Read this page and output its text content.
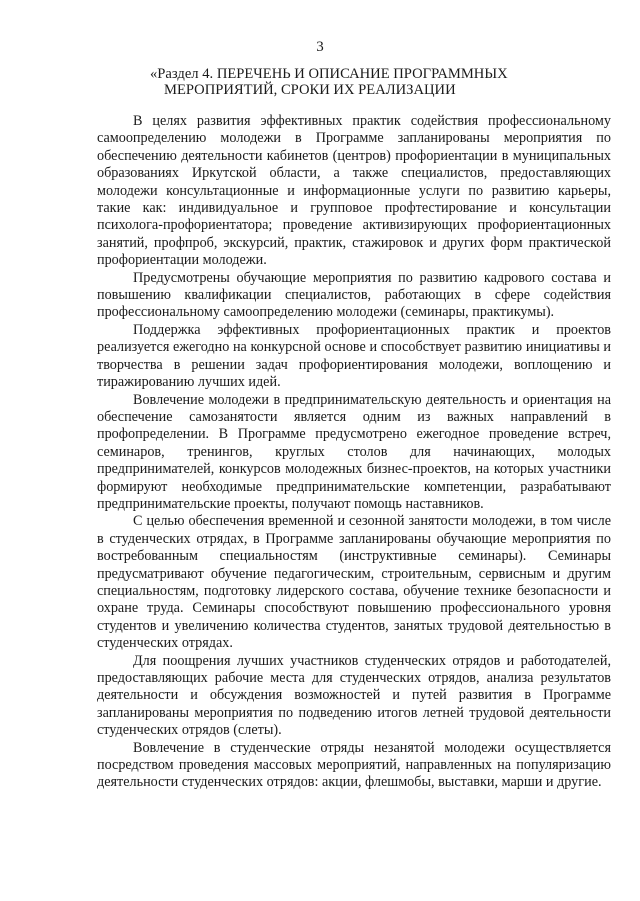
3
«Раздел 4. ПЕРЕЧЕНЬ И ОПИСАНИЕ ПРОГРАММНЫХ
МЕРОПРИЯТИЙ, СРОКИ ИХ РЕАЛИЗАЦИИ

В целях развития эффективных практик содействия профессиональному самоопределению молодежи в Программе запланированы мероприятия по обеспечению деятельности кабинетов (центров) профориентации в муниципальных образованиях Иркутской области, а также специалистов, предоставляющих молодежи консультационные и информационные услуги по развитию карьеры, такие как: индивидуальное и групповое профтестирование и консультации психолога-профориентатора; проведение активизирующих профориентационных занятий, профпроб, экскурсий, практик, стажировок и других форм практической профориентации молодежи.

Предусмотрены обучающие мероприятия по развитию кадрового состава и повышению квалификации специалистов, работающих в сфере содействия профессиональному самоопределению молодежи (семинары, практикумы).

Поддержка эффективных профориентационных практик и проектов реализуется ежегодно на конкурсной основе и способствует развитию инициативы и творчества в решении задач профориентирования молодежи, воплощению и тиражированию лучших идей.

Вовлечение молодежи в предпринимательскую деятельность и ориентация на обеспечение самозанятости является одним из важных направлений в профопределении. В Программе предусмотрено ежегодное проведение встреч, семинаров, тренингов, круглых столов для начинающих, молодых предпринимателей, конкурсов молодежных бизнес-проектов, на которых участники формируют необходимые предпринимательские компетенции, разрабатывают предпринимательские проекты, получают помощь наставников.

С целью обеспечения временной и сезонной занятости молодежи, в том числе в студенческих отрядах, в Программе запланированы обучающие мероприятия по востребованным специальностям (инструктивные семинары). Семинары предусматривают обучение педагогическим, строительным, сервисным и другим специальностям, подготовку лидерского состава, обучение технике безопасности и охране труда. Семинары способствуют повышению профессионального уровня студентов и увеличению количества студентов, занятых трудовой деятельностью в студенческих отрядах.

Для поощрения лучших участников студенческих отрядов и работодателей, предоставляющих рабочие места для студенческих отрядов, анализа результатов деятельности и обсуждения возможностей и путей развития в Программе запланированы мероприятия по подведению итогов летней трудовой деятельности студенческих отрядов (слеты).

Вовлечение в студенческие отряды незанятой молодежи осуществляется посредством проведения массовых мероприятий, направленных на популяризацию деятельности студенческих отрядов: акции, флешмобы, выставки, марши и другие.
